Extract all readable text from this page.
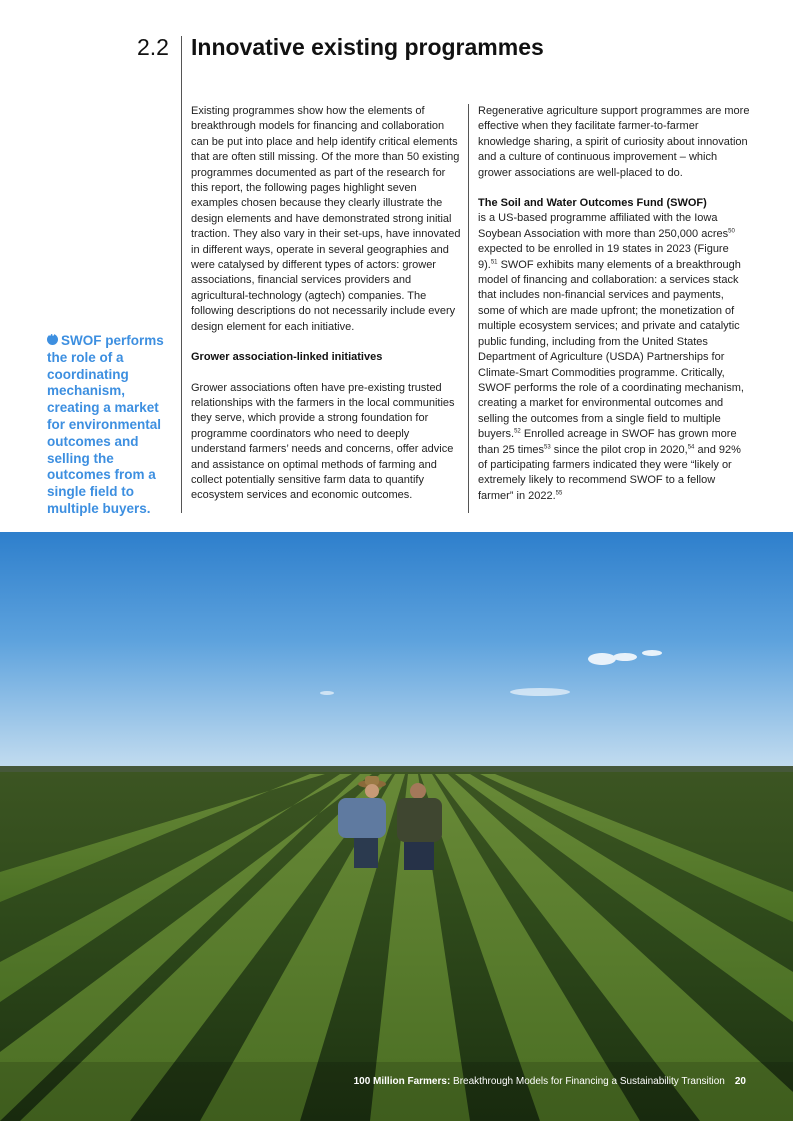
2.2 Innovative existing programmes
“SWOF performs the role of a coordinating mechanism, creating a market for environmental outcomes and selling the outcomes from a single field to multiple buyers.

Existing programmes show how the elements of breakthrough models for financing and collaboration can be put into place and help identify critical elements that are often still missing. Of the more than 50 existing programmes documented as part of the research for this report, the following pages highlight seven examples chosen because they clearly illustrate the design elements and have demonstrated strong initial traction. They also vary in their set-ups, have innovated in different ways, operate in several geographies and were catalysed by different types of actors: grower associations, financial services providers and agricultural-technology (agtech) companies. The following descriptions do not necessarily include every design element for each initiative.

Grower association-linked initiatives

Grower associations often have pre-existing trusted relationships with the farmers in the local communities they serve, which provide a strong foundation for programme coordinators who need to deeply understand farmers’ needs and concerns, offer advice and assistance on optimal methods of farming and collect potentially sensitive farm data to quantify ecosystem services and economic outcomes.

Regenerative agriculture support programmes are more effective when they facilitate farmer-to-farmer knowledge sharing, a spirit of curiosity about innovation and a culture of continuous improvement – which grower associations are well-placed to do.

The Soil and Water Outcomes Fund (SWOF)
is a US-based programme affiliated with the Iowa Soybean Association with more than 250,000 acres$^{50}$ expected to be enrolled in 19 states in 2023 (Figure 9).$^{51}$ SWOF exhibits many elements of a breakthrough model of financing and collaboration: a services stack that includes non-financial services and payments, some of which are made upfront; the monetization of multiple ecosystem services; and private and catalytic public funding, including from the United States Department of Agriculture (USDA) Partnerships for Climate-Smart Commodities programme. Critically, SWOF performs the role of a coordinating mechanism, creating a market for environmental outcomes and selling the outcomes from a single field to multiple buyers.$^{52}$ Enrolled acreage in SWOF has grown more than 25 times$^{53}$ since the pilot crop in 2020,54 and 92% of participating farmers indicated they were “likely or extremely likely to recommend SWOF to a fellow farmer” in 2022.55

100 Million Farmers: Breakthrough Models for Financing a Sustainability Transition 20
